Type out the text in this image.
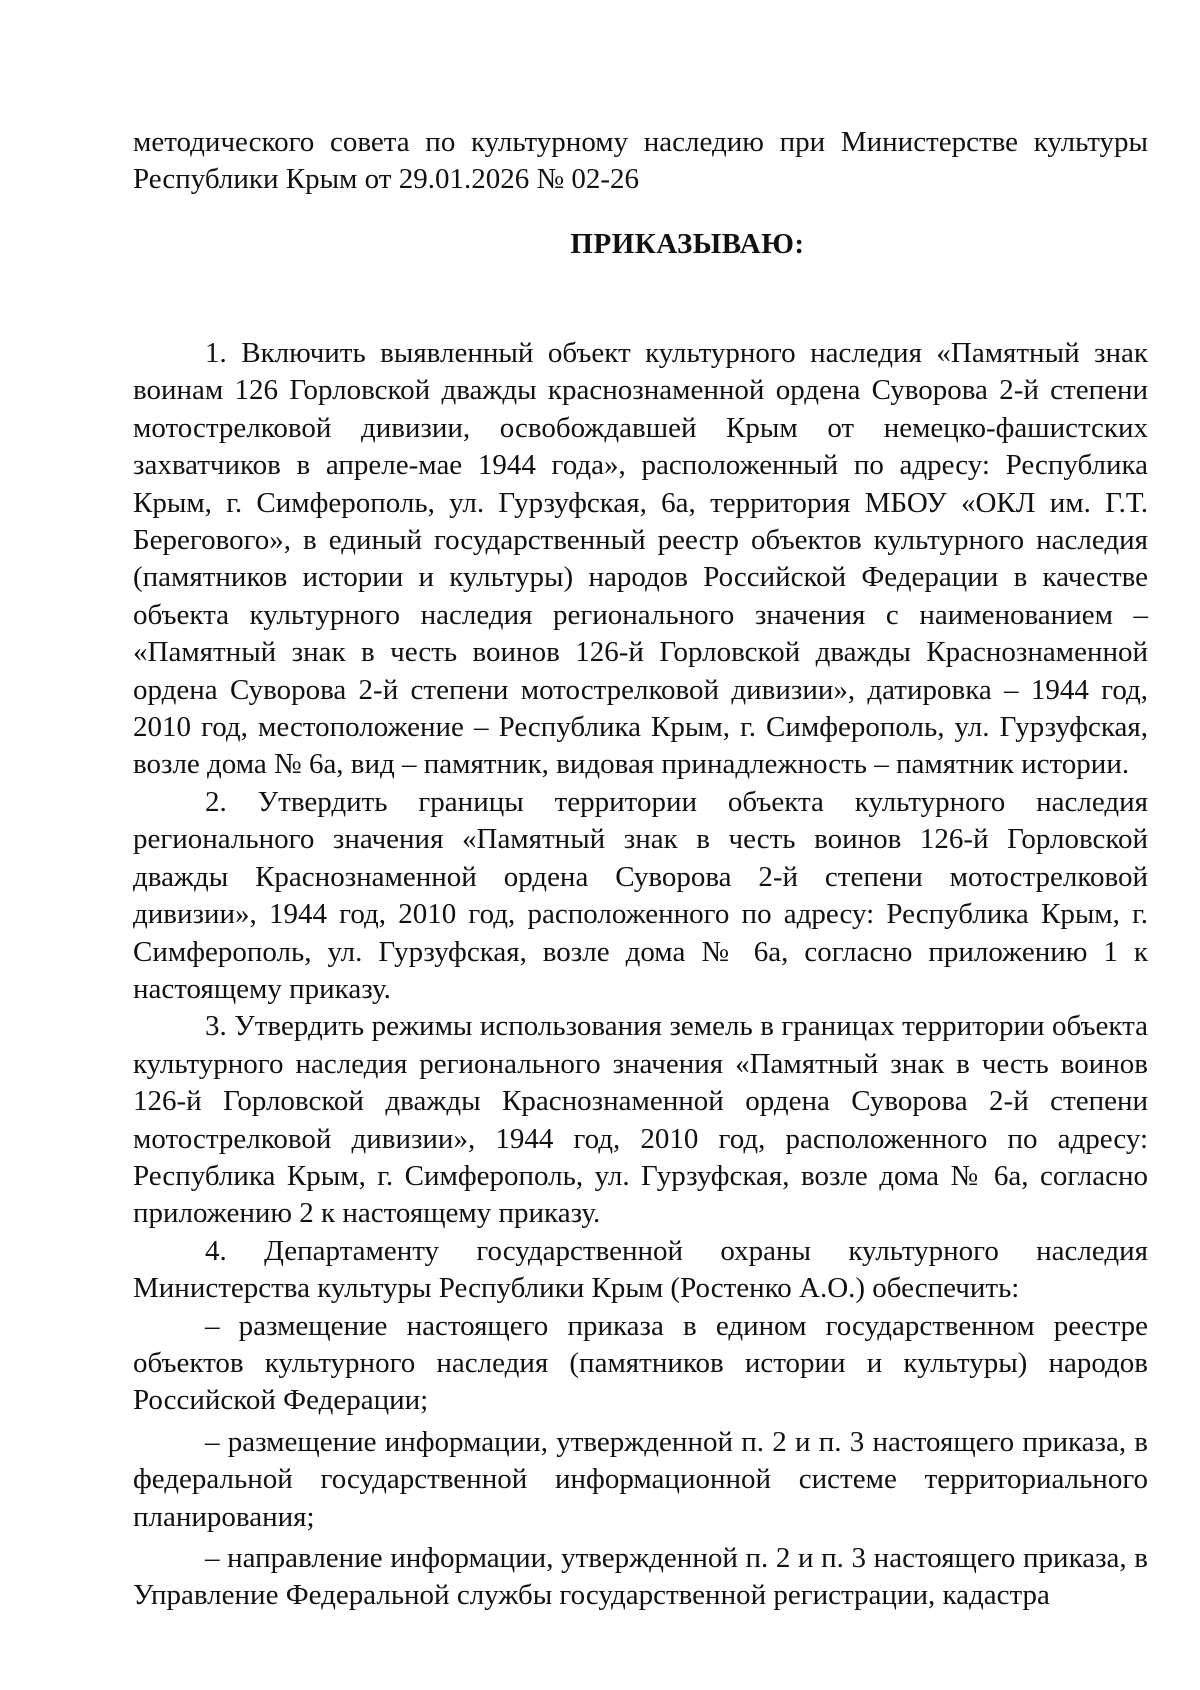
методического совета по культурному наследию при Министерстве культуры Республики Крым от 29.01.2026 № 02-26

ПРИКАЗЫВАЮ:

1. Включить выявленный объект культурного наследия «Памятный знак воинам 126 Горловской дважды краснознаменной ордена Суворова 2-й степени мотострелковой дивизии, освобождавшей Крым от немецко-фашистских захватчиков в апреле-мае 1944 года», расположенный по адресу: Республика Крым, г. Симферополь, ул. Гурзуфская, 6а, территория МБОУ «ОКЛ им. Г.Т. Берегового», в единый государственный реестр объектов культурного наследия (памятников истории и культуры) народов Российской Федерации в качестве объекта культурного наследия регионального значения с наименованием – «Памятный знак в честь воинов 126-й Горловской дважды Краснознаменной ордена Суворова 2-й степени мотострелковой дивизии», датировка – 1944 год, 2010 год, местоположение – Республика Крым, г. Симферополь, ул. Гурзуфская, возле дома № 6а, вид – памятник, видовая принадлежность – памятник истории.

2. Утвердить границы территории объекта культурного наследия регионального значения «Памятный знак в честь воинов 126-й Горловской дважды Краснознаменной ордена Суворова 2-й степени мотострелковой дивизии», 1944 год, 2010 год, расположенного по адресу: Республика Крым, г. Симферополь, ул. Гурзуфская, возле дома № 6а, согласно приложению 1 к настоящему приказу.

3. Утвердить режимы использования земель в границах территории объекта культурного наследия регионального значения «Памятный знак в честь воинов 126-й Горловской дважды Краснознаменной ордена Суворова 2-й степени мотострелковой дивизии», 1944 год, 2010 год, расположенного по адресу: Республика Крым, г. Симферополь, ул. Гурзуфская, возле дома № 6а, согласно приложению 2 к настоящему приказу.

4. Департаменту государственной охраны культурного наследия Министерства культуры Республики Крым (Ростенко А.О.) обеспечить:

– размещение настоящего приказа в едином государственном реестре объектов культурного наследия (памятников истории и культуры) народов Российской Федерации;

– размещение информации, утвержденной п. 2 и п. 3 настоящего приказа, в федеральной государственной информационной системе территориального планирования;

– направление информации, утвержденной п. 2 и п. 3 настоящего приказа, в Управление Федеральной службы государственной регистрации, кадастра
